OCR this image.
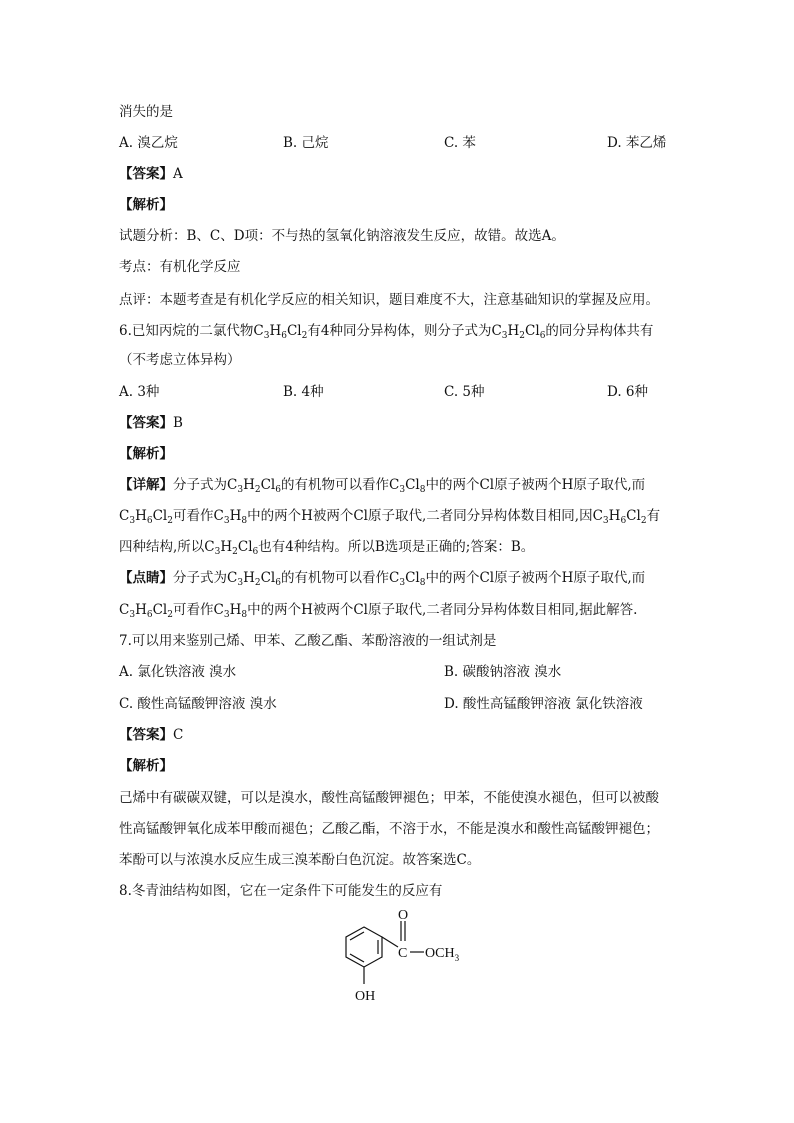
消失的是
A. 溴乙烷	B. 己烷	C. 苯	D. 苯乙烯
【答案】A
【解析】
试题分析：B、C、D项：不与热的氢氧化钠溶液发生反应，故错。故选A。
考点：有机化学反应
点评：本题考查是有机化学反应的相关知识，题目难度不大，注意基础知识的掌握及应用。
6.已知丙烷的二氯代物$C_3H_6Cl_2$有4种同分异构体，则分子式为$C_3H_2Cl_6$的同分异构体共有
（不考虑立体异构）
A. 3种	B. 4种	C. 5种	D. 6种
【答案】B
【解析】
【详解】分子式为$C_3H_2Cl_6$的有机物可以看作$C_3Cl_8$中的两个Cl原子被两个H原子取代,而
$C_3H_6Cl_2$可看作$C_3H_8$中的两个H被两个Cl原子取代,二者同分异构体数目相同,因$C_3H_6Cl_2$有
四种结构,所以$C_3H_2Cl_6$也有4种结构。所以B选项是正确的;答案：B。
【点睛】分子式为$C_3H_2Cl_6$的有机物可以看作$C_3Cl_8$中的两个Cl原子被两个H原子取代,而
$C_3H_6Cl_2$可看作$C_3H_8$中的两个H被两个Cl原子取代,二者同分异构体数目相同,据此解答.
7.可以用来鉴别己烯、甲苯、乙酸乙酯、苯酚溶液的一组试剂是
A. 氯化铁溶液 溴水	B. 碳酸钠溶液 溴水
C. 酸性高锰酸钾溶液 溴水	D. 酸性高锰酸钾溶液 氯化铁溶液
【答案】C
【解析】
己烯中有碳碳双键，可以是溴水，酸性高锰酸钾褪色；甲苯，不能使溴水褪色，但可以被酸
性高锰酸钾氧化成苯甲酸而褪色；乙酸乙酯，不溶于水，不能是溴水和酸性高锰酸钾褪色；
苯酚可以与浓溴水反应生成三溴苯酚白色沉淀。故答案选C。
8.冬青油结构如图，它在一定条件下可能发生的反应有
O
C $OCH_3$
OH
